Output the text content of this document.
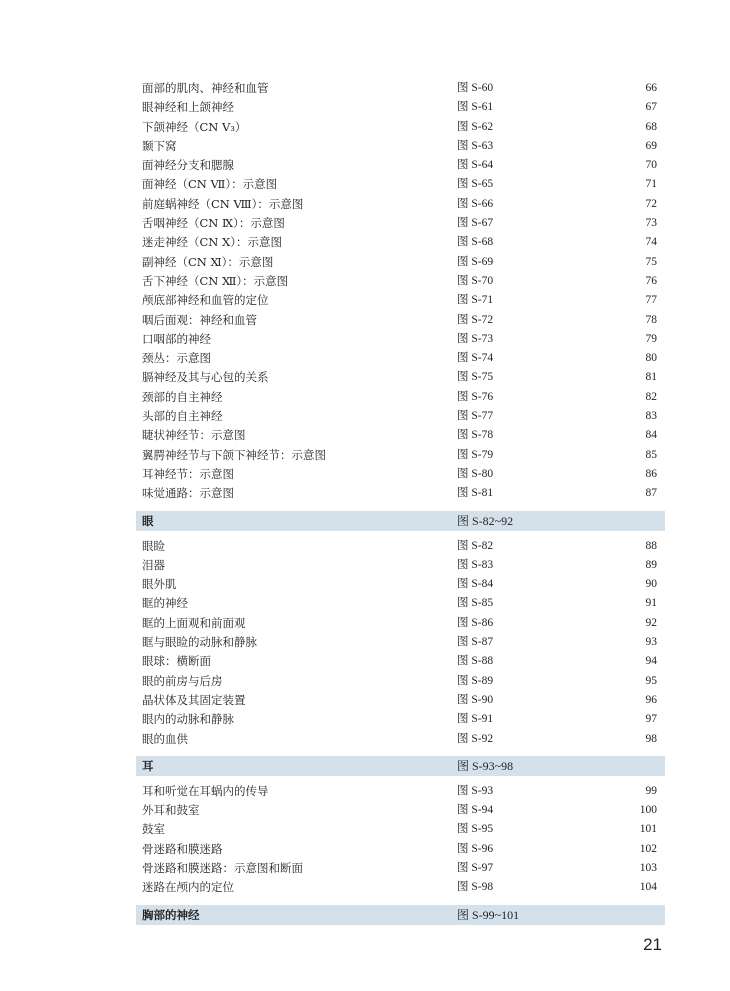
面部的肌肉、神经和血管	图 S-60	66
眼神经和上颌神经	图 S-61	67
下颌神经（CN Ⅴ₃）	图 S-62	68
颞下窝	图 S-63	69
面神经分支和腮腺	图 S-64	70
面神经（CN Ⅶ）：示意图	图 S-65	71
前庭蜗神经（CN Ⅷ）：示意图	图 S-66	72
舌咽神经（CN Ⅸ）：示意图	图 S-67	73
迷走神经（CN Ⅹ）：示意图	图 S-68	74
副神经（CN Ⅺ）：示意图	图 S-69	75
舌下神经（CN Ⅻ）：示意图	图 S-70	76
颅底部神经和血管的定位	图 S-71	77
咽后面观：神经和血管	图 S-72	78
口咽部的神经	图 S-73	79
颈丛：示意图	图 S-74	80
膈神经及其与心包的关系	图 S-75	81
颈部的自主神经	图 S-76	82
头部的自主神经	图 S-77	83
睫状神经节：示意图	图 S-78	84
翼腭神经节与下颌下神经节：示意图	图 S-79	85
耳神经节：示意图	图 S-80	86
味觉通路：示意图	图 S-81	87
眼	图 S-82~92
眼睑	图 S-82	88
泪器	图 S-83	89
眼外肌	图 S-84	90
眶的神经	图 S-85	91
眶的上面观和前面观	图 S-86	92
眶与眼睑的动脉和静脉	图 S-87	93
眼球：横断面	图 S-88	94
眼的前房与后房	图 S-89	95
晶状体及其固定装置	图 S-90	96
眼内的动脉和静脉	图 S-91	97
眼的血供	图 S-92	98
耳	图 S-93~98
耳和听觉在耳蜗内的传导	图 S-93	99
外耳和鼓室	图 S-94	100
鼓室	图 S-95	101
骨迷路和膜迷路	图 S-96	102
骨迷路和膜迷路：示意图和断面	图 S-97	103
迷路在颅内的定位	图 S-98	104
胸部的神经	图 S-99~101
21
